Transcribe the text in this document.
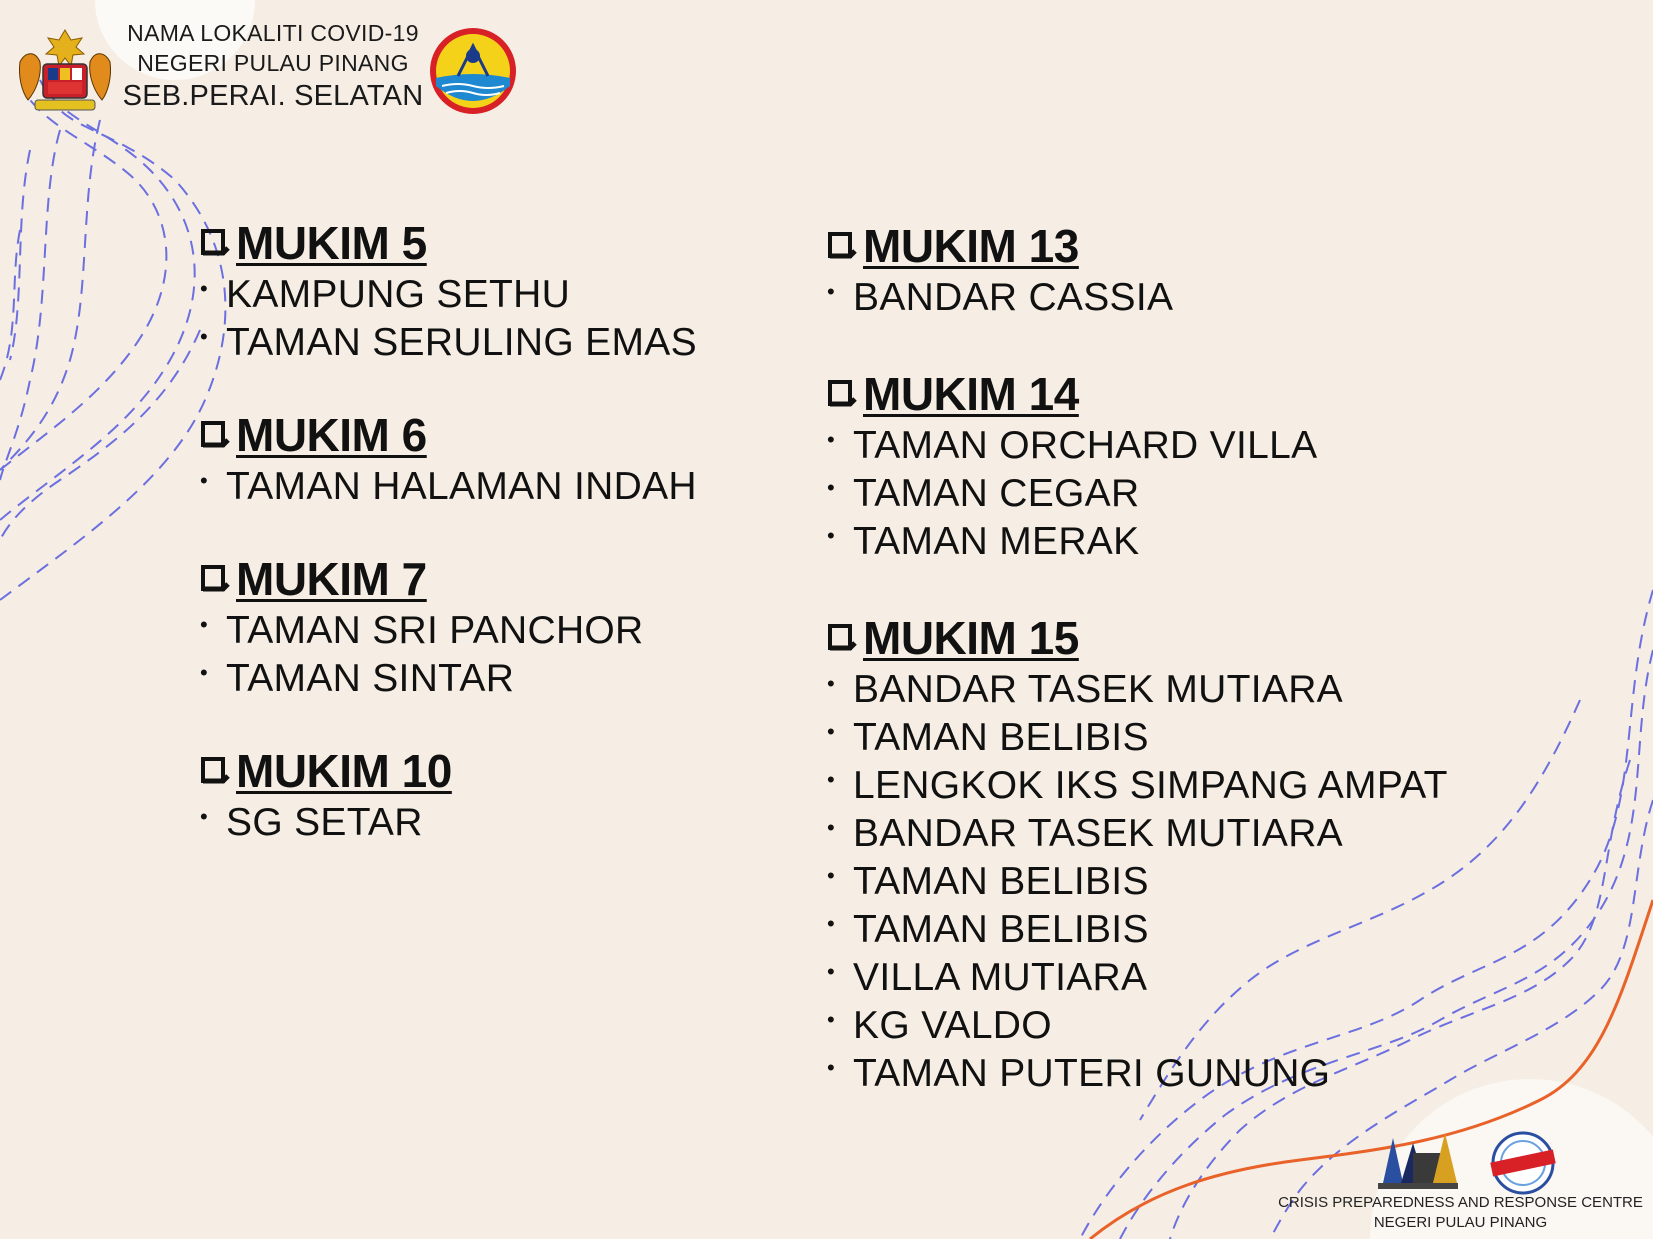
NAMA LOKALITI COVID-19
NEGERI PULAU PINANG
SEB.PERAI. SELATAN
MUKIM 5
• KAMPUNG SETHU
• TAMAN SERULING EMAS
MUKIM 6
• TAMAN HALAMAN INDAH
MUKIM 7
• TAMAN SRI PANCHOR
• TAMAN SINTAR
MUKIM 10
• SG SETAR
MUKIM 13
• BANDAR CASSIA
MUKIM 14
• TAMAN ORCHARD VILLA
• TAMAN CEGAR
• TAMAN MERAK
MUKIM 15
• BANDAR TASEK MUTIARA
• TAMAN BELIBIS
• LENGKOK IKS SIMPANG AMPAT
• BANDAR TASEK MUTIARA
• TAMAN BELIBIS
• TAMAN BELIBIS
• VILLA MUTIARA
• KG VALDO
• TAMAN PUTERI GUNUNG
CRISIS PREPAREDNESS AND RESPONSE CENTRE
NEGERI PULAU PINANG
